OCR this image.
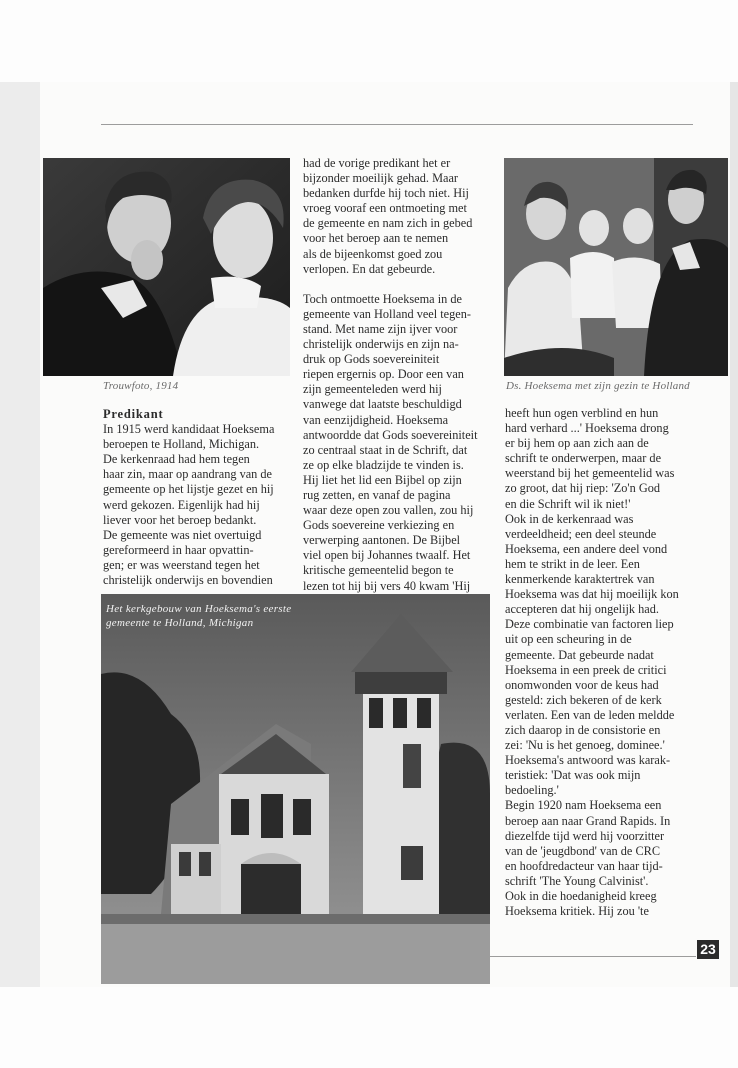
Trouwfoto, 1914	Ds. Hoeksema met zijn gezin te Holland
Het kerkgebouw van Hoeksema's eerste
gemeente te Holland, Michigan

Predikant

In 1915 werd kandidaat Hoeksema

beroepen te Holland, Michigan.

De kerkenraad had hem tegen

haar zin, maar op aandrang van de

gemeente op het lijstje gezet en hij

werd gekozen. Eigenlijk had hij

liever voor het beroep bedankt.

De gemeente was niet overtuigd

gereformeerd in haar opvattin-

gen; er was weerstand tegen het

christelijk onderwijs en bovendien

had de vorige predikant het er

bijzonder moeilijk gehad. Maar

bedanken durfde hij toch niet. Hij

vroeg vooraf een ontmoeting met

de gemeente en nam zich in gebed

voor het beroep aan te nemen

als de bijeenkomst goed zou

verlopen. En dat gebeurde.

Toch ontmoette Hoeksema in de

gemeente van Holland veel tegen-

stand. Met name zijn ijver voor

christelijk onderwijs en zijn na-

druk op Gods soevereiniteit

riepen ergernis op. Door een van

zijn gemeenteleden werd hij

vanwege dat laatste beschuldigd

van eenzijdigheid. Hoeksema

antwoordde dat Gods soevereiniteit

zo centraal staat in de Schrift, dat

ze op elke bladzijde te vinden is.

Hij liet het lid een Bijbel op zijn

rug zetten, en vanaf de pagina

waar deze open zou vallen, zou hij

Gods soevereine verkiezing en

verwerping aantonen. De Bijbel

viel open bij Johannes twaalf. Het

kritische gemeentelid begon te

lezen tot hij bij vers 40 kwam 'Hij

heeft hun ogen verblind en hun

hard verhard ...' Hoeksema drong

er bij hem op aan zich aan de

schrift te onderwerpen, maar de

weerstand bij het gemeentelid was

zo groot, dat hij riep: 'Zo'n God

en die Schrift wil ik niet!'

Ook in de kerkenraad was

verdeeldheid; een deel steunde

Hoeksema, een andere deel vond

hem te strikt in de leer. Een

kenmerkende karaktertrek van

Hoeksema was dat hij moeilijk kon

accepteren dat hij ongelijk had.

Deze combinatie van factoren liep

uit op een scheuring in de

gemeente. Dat gebeurde nadat

Hoeksema in een preek de critici

onomwonden voor de keus had

gesteld: zich bekeren of de kerk

verlaten. Een van de leden meldde

zich daarop in de consistorie en

zei: 'Nu is het genoeg, dominee.'

Hoeksema's antwoord was karak-

teristiek: 'Dat was ook mijn

bedoeling.'

Begin 1920 nam Hoeksema een

beroep aan naar Grand Rapids. In

diezelfde tijd werd hij voorzitter

van de 'jeugdbond' van de CRC

en hoofdredacteur van haar tijd-

schrift 'The Young Calvinist'.

Ook in die hoedanigheid kreeg

Hoeksema kritiek. Hij zou 'te

23
